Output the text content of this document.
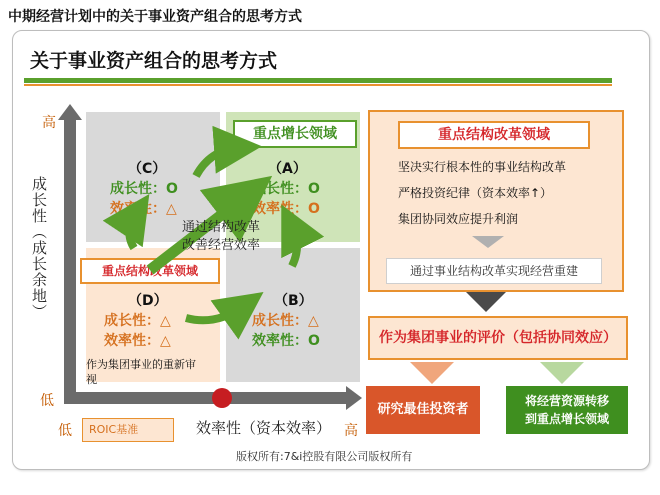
中期经营计划中的关于事业资产组合的思考方式
关于事业资产组合的思考方式
高
低
成长性（成长余地）
低	高
效率性（资本效率）
（C）
成长性：O
效率性：△
重点增长领域
（A）
成长性：O
效率性：O
重点结构改革领域
（D）
成长性：△
效率性：△
作为集团事业的重新审视
（B）
成长性：△
效率性：O
通过结构改革
改善经营效率
ROIC基准
重点结构改革领域
坚决实行根本性的事业结构改革
严格投资纪律（资本效率↑）
集团协同效应提升利润
通过事业结构改革实现经营重建
作为集团事业的评价（包括协同效应）
研究最佳投资者
将经营资源转移
到重点增长领域
版权所有:7&i控股有限公司版权所有
